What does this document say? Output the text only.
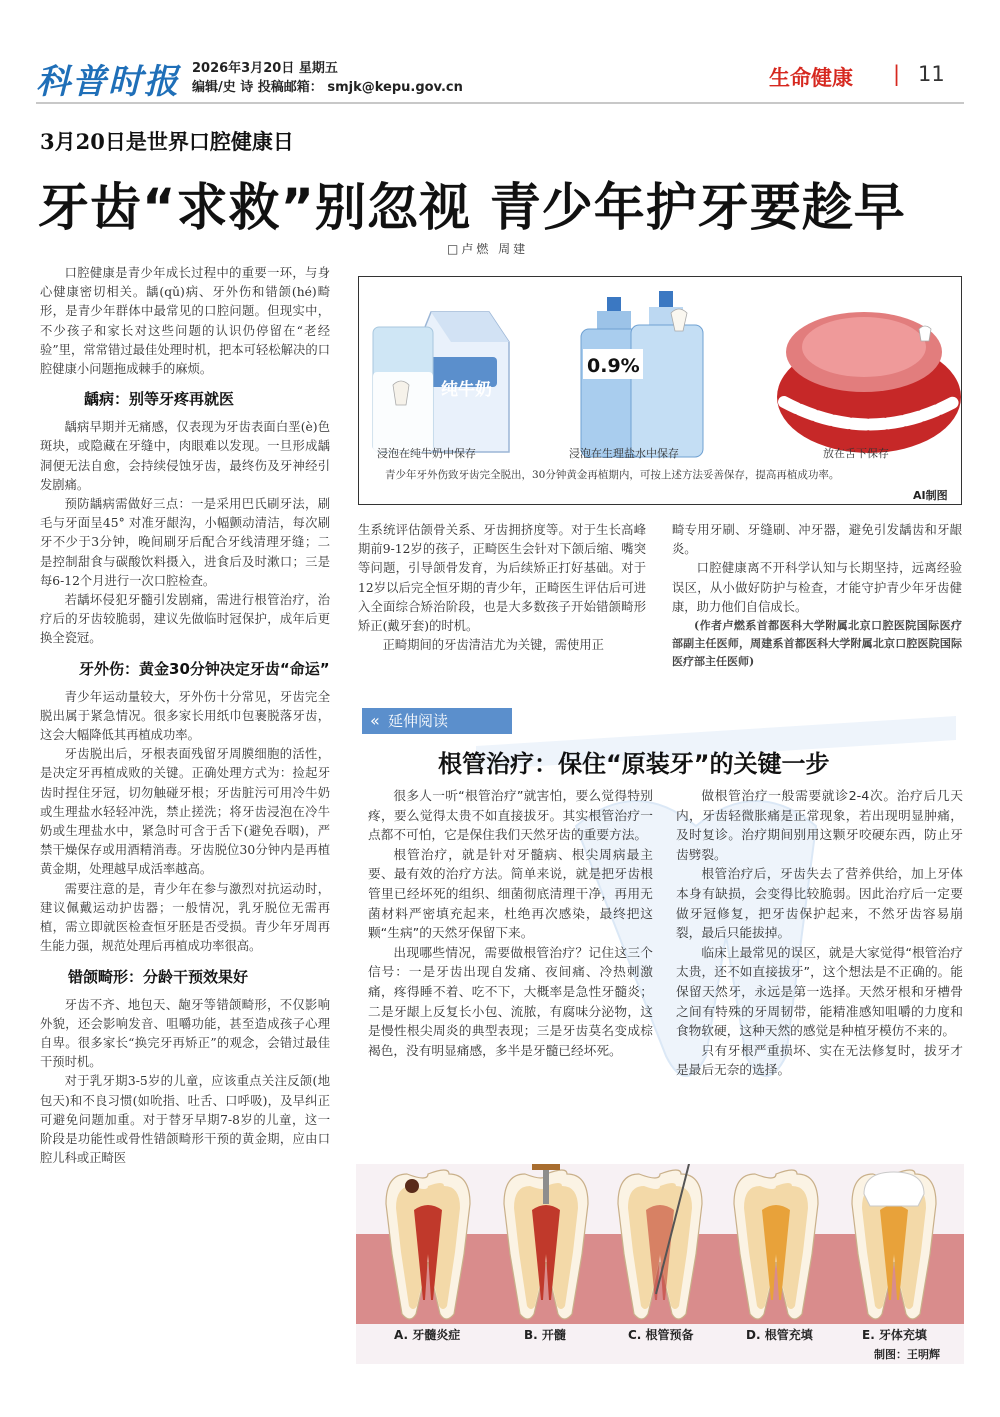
科普时报 2026年3月20日 星期五
编辑/史 诗 投稿邮箱： smjk@kepu.gov.cn	生命健康 | 11
3月20日是世界口腔健康日
牙齿“求救”别忽视 青少年护牙要趁早
□卢燃 周建

口腔健康是青少年成长过程中的重要一环，与身心健康密切相关。龋(qǔ)病、牙外伤和错颌(hé)畸形，是青少年群体中最常见的口腔问题。但现实中，不少孩子和家长对这些问题的认识仍停留在“老经验”里，常常错过最佳处理时机，把本可轻松解决的口腔健康小问题拖成棘手的麻烦。

龋病：别等牙疼再就医

龋病早期并无痛感，仅表现为牙齿表面白垩(è)色斑块，或隐藏在牙缝中，肉眼难以发现。一旦形成龋洞便无法自愈，会持续侵蚀牙齿，最终伤及牙神经引发剧痛。

预防龋病需做好三点：一是采用巴氏刷牙法，刷毛与牙面呈45° 对准牙龈沟，小幅颤动清洁，每次刷牙不少于3分钟，晚间刷牙后配合牙线清理牙缝；二是控制甜食与碳酸饮料摄入，进食后及时漱口；三是每6-12个月进行一次口腔检查。

若龋坏侵犯牙髓引发剧痛，需进行根管治疗，治疗后的牙齿较脆弱，建议先做临时冠保护，成年后更换全瓷冠。

牙外伤：黄金30分钟决定牙齿“命运”

青少年运动量较大，牙外伤十分常见，牙齿完全脱出属于紧急情况。很多家长用纸巾包裹脱落牙齿，这会大幅降低其再植成功率。

牙齿脱出后，牙根表面残留牙周膜细胞的活性，是决定牙再植成败的关键。正确处理方式为：捡起牙齿时捏住牙冠，切勿触碰牙根；牙齿脏污可用冷牛奶或生理盐水轻轻冲洗，禁止搓洗；将牙齿浸泡在冷牛奶或生理盐水中，紧急时可含于舌下(避免吞咽)，严禁干燥保存或用酒精消毒。牙齿脱位30分钟内是再植黄金期，处理越早成活率越高。

需要注意的是，青少年在参与激烈对抗运动时，建议佩戴运动护齿器；一般情况，乳牙脱位无需再植，需立即就医检查恒牙胚是否受损。青少年牙周再生能力强，规范处理后再植成功率很高。

错颌畸形：分龄干预效果好

牙齿不齐、地包天、龅牙等错颌畸形，不仅影响外貌，还会影响发音、咀嚼功能，甚至造成孩子心理自卑。很多家长“换完牙再矫正”的观念，会错过最佳干预时机。

对于乳牙期3-5岁的儿童，应该重点关注反颌(地包天)和不良习惯(如吮指、吐舌、口呼吸)，及早纠正可避免问题加重。对于替牙早期7-8岁的儿童，这一阶段是功能性或骨性错颌畸形干预的黄金期，应由口腔儿科或正畸医

纯牛奶
0.9%
浸泡在纯牛奶中保存	浸泡在生理盐水中保存	放在舌下保存
青少年牙外伤致牙齿完全脱出，30分钟黄金再植期内，可按上述方法妥善保存，提高再植成功率。
AI制图

生系统评估颌骨关系、牙齿拥挤度等。对于生长高峰期前9-12岁的孩子，正畸医生会针对下颌后缩、嘴突等问题，引导颌骨发育，为后续矫正打好基础。对于12岁以后完全恒牙期的青少年，正畸医生评估后可进入全面综合矫治阶段，也是大多数孩子开始错颌畸形矫正(戴牙套)的时机。

正畸期间的牙齿清洁尤为关键，需使用正

畸专用牙刷、牙缝刷、冲牙器，避免引发龋齿和牙龈炎。

口腔健康离不开科学认知与长期坚持，远离经验误区，从小做好防护与检查，才能守护青少年牙齿健康，助力他们自信成长。

(作者卢燃系首都医科大学附属北京口腔医院国际医疗部副主任医师，周建系首都医科大学附属北京口腔医院国际医疗部主任医师)

« 延伸阅读
根管治疗：保住“原装牙”的关键一步

很多人一听“根管治疗”就害怕，要么觉得特别疼，要么觉得太贵不如直接拔牙。其实根管治疗一点都不可怕，它是保住我们天然牙齿的重要方法。

根管治疗，就是针对牙髓病、根尖周病最主要、最有效的治疗方法。简单来说，就是把牙齿根管里已经坏死的组织、细菌彻底清理干净，再用无菌材料严密填充起来，杜绝再次感染，最终把这颗“生病”的天然牙保留下来。

出现哪些情况，需要做根管治疗？记住这三个信号：一是牙齿出现自发痛、夜间痛、冷热刺激痛，疼得睡不着、吃不下，大概率是急性牙髓炎；二是牙龈上反复长小包、流脓，有腐味分泌物，这是慢性根尖周炎的典型表现；三是牙齿莫名变成棕褐色，没有明显痛感，多半是牙髓已经坏死。

做根管治疗一般需要就诊2-4次。治疗后几天内，牙齿轻微胀痛是正常现象，若出现明显肿痛，及时复诊。治疗期间别用这颗牙咬硬东西，防止牙齿劈裂。

根管治疗后，牙齿失去了营养供给，加上牙体本身有缺损，会变得比较脆弱。因此治疗后一定要做牙冠修复，把牙齿保护起来，不然牙齿容易崩裂，最后只能拔掉。

临床上最常见的误区，就是大家觉得“根管治疗太贵，还不如直接拔牙”，这个想法是不正确的。能保留天然牙，永远是第一选择。天然牙根和牙槽骨之间有特殊的牙周韧带，能精准感知咀嚼的力度和食物软硬，这种天然的感觉是种植牙模仿不来的。

只有牙根严重损坏、实在无法修复时，拔牙才是最后无奈的选择。

A. 牙髓炎症	B. 开髓	C. 根管预备	D. 根管充填	E. 牙体充填
制图：王明辉
